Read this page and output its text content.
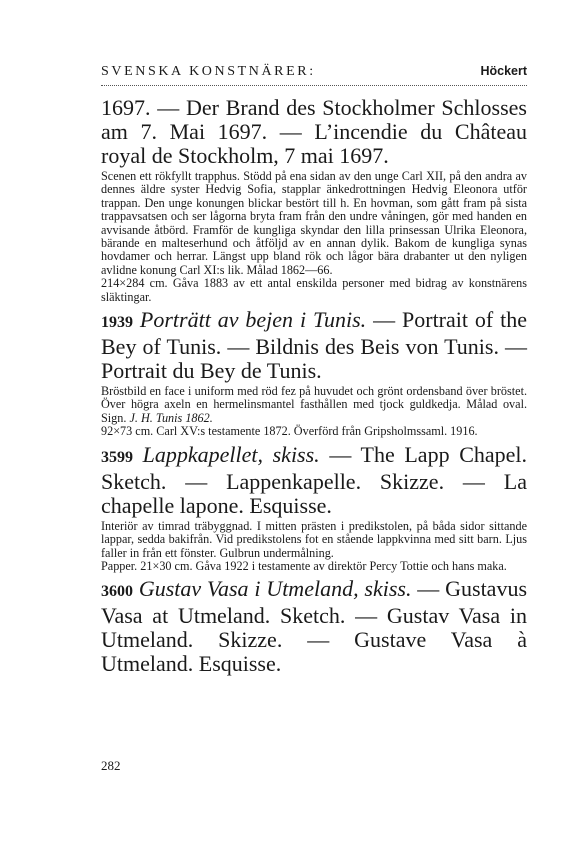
SVENSKA KONSTNÄRER:	Höckert

1697. — Der Brand des Stockholmer Schlosses am 7. Mai 1697. — L’incendie du Château royal de Stockholm, 7 mai 1697.

Scenen ett rökfyllt trapphus. Stödd på ena sidan av den unge Carl XII, på den andra av dennes äldre syster Hedvig Sofia, stapplar änkedrottningen Hedvig Eleonora utför trappan. Den unge konungen blickar bestört till h. En hovman, som gått fram på sista trappavsatsen och ser lågorna bryta fram från den undre våningen, gör med handen en avvisande åtbörd. Framför de kungliga skyndar den lilla prinsessan Ulrika Eleonora, bärande en malteserhund och åtföljd av en annan dylik. Bakom de kungliga synas hovdamer och herrar. Längst upp bland rök och lågor bära drabanter ut den nyligen avlidne konung Carl XI:s lik. Målad 1862—66.

214×284 cm. Gåva 1883 av ett antal enskilda personer med bidrag av konstnärens släktingar.

1939 Porträtt av bejen i Tunis. — Portrait of the Bey of Tunis. — Bildnis des Beis von Tunis. — Portrait du Bey de Tunis.

Bröstbild en face i uniform med röd fez på huvudet och grönt ordensband över bröstet. Över högra axeln en hermelinsmantel fasthållen med tjock guldkedja. Målad oval. Sign. J. H. Tunis 1862.

92×73 cm. Carl XV:s testamente 1872. Överförd från Gripsholmssaml. 1916.

3599 Lappkapellet, skiss. — The Lapp Chapel. Sketch. — Lappenkapelle. Skizze. — La chapelle lapone. Esquisse.

Interiör av timrad träbyggnad. I mitten prästen i predikstolen, på båda sidor sittande lappar, sedda bakifrån. Vid predikstolens fot en stående lappkvinna med sitt barn. Ljus faller in från ett fönster. Gulbrun undermålning.

Papper. 21×30 cm. Gåva 1922 i testamente av direktör Percy Tottie och hans maka.

3600 Gustav Vasa i Utmeland, skiss. — Gustavus Vasa at Utmeland. Sketch. — Gustav Vasa in Utmeland. Skizze. — Gustave Vasa à Utmeland. Esquisse.

282
